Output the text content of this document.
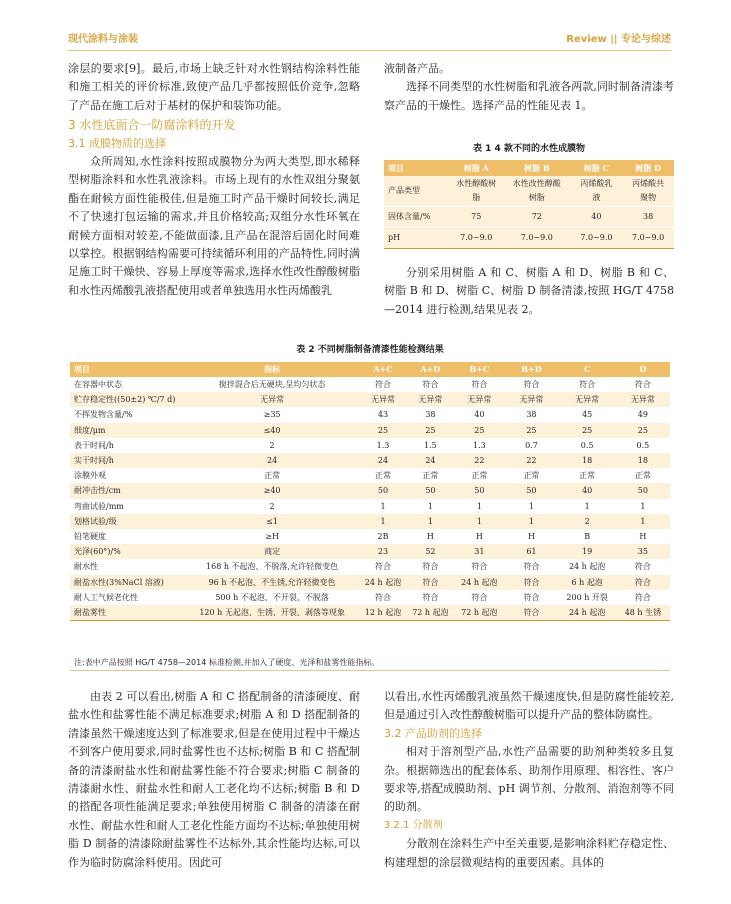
现代涂料与涂装	Review || 专论与综述

涂层的要求[9]。最后,市场上缺乏针对水性钢结构涂料性能和施工相关的评价标准,致使产品几乎都按照低价竞争,忽略了产品在施工后对于基材的保护和装饰功能。

3 水性底面合一防腐涂料的开发

3.1 成膜物质的选择

众所周知,水性涂料按照成膜物分为两大类型,即水稀释型树脂涂料和水性乳液涂料。市场上现有的水性双组分聚氨酯在耐候方面性能极佳,但是施工时产品干燥时间较长,满足不了快速打包运输的需求,并且价格较高;双组分水性环氧在耐候方面相对较差,不能做面漆,且产品在混溶后固化时间难以掌控。根据钢结构需要可持续循环利用的产品特性,同时满足施工时干燥快、容易上厚度等需求,选择水性改性醇酸树脂和水性丙烯酸乳液搭配使用或者单独选用水性丙烯酸乳

液制备产品。

选择不同类型的水性树脂和乳液各两款,同时制备清漆考察产品的干燥性。选择产品的性能见表 1。

表 1 4 款不同的水性成膜物
项目	树脂 A	树脂 B	树脂 C	树脂 D
产品类型	水性醇酸树脂	水性改性醇酸树脂	丙烯酸乳液	丙烯酸共聚物
固体含量/%	75	72	40	38
pH	7.0~9.0	7.0~9.0	7.0~9.0	7.0~9.0

分别采用树脂 A 和 C、树脂 A 和 D、树脂 B 和 C、树脂 B 和 D、树脂 C、树脂 D 制备清漆,按照 HG/T 4758—2014 进行检测,结果见表 2。

表 2 不同树脂制备清漆性能检测结果
项目	指标	A+C	A+D	B+C	B+D	C	D
在容器中状态	搅拌混合后无硬块,呈均匀状态	符合	符合	符合	符合	符合	符合
贮存稳定性((50±2) ℃/7 d)	无异常	无异常	无异常	无异常	无异常	无异常	无异常
不挥发物含量/%	≥35	43	38	40	38	45	49
细度/μm	≤40	25	25	25	25	25	25
表干时间/h	2	1.3	1.5	1.3	0.7	0.5	0.5
实干时间/h	24	24	24	22	22	18	18
涂膜外观	正常	正常	正常	正常	正常	正常	正常
耐冲击性/cm	≥40	50	50	50	50	40	50
弯曲试验/mm	2	1	1	1	1	1	1
划格试验/级	≤1	1	1	1	1	2	1
铅笔硬度	≥H	2B	H	H	H	B	H
光泽(60°)/%	商定	23	52	31	61	19	35
耐水性	168 h 不起泡、不脱落,允许轻微变色	符合	符合	符合	符合	24 h 起泡	符合
耐盐水性(3%NaCl 溶液)	96 h 不起泡、不生锈,允许轻微变色	24 h 起泡	符合	24 h 起泡	符合	6 h 起泡	符合
耐人工气候老化性	500 h 不起泡、不开裂、不脱落	符合	符合	符合	符合	200 h 开裂	符合
耐盐雾性	120 h 无起泡、生锈、开裂、剥落等现象	12 h 起泡	72 h 起泡	72 h 起泡	符合	24 h 起泡	48 h 生锈
注:表中产品按照 HG/T 4758—2014 标准检测,并加入了硬度、光泽和盐雾性能指标。

由表 2 可以看出,树脂 A 和 C 搭配制备的清漆硬度、耐盐水性和盐雾性能不满足标准要求;树脂 A 和 D 搭配制备的清漆虽然干燥速度达到了标准要求,但是在使用过程中干燥达不到客户使用要求,同时盐雾性也不达标;树脂 B 和 C 搭配制备的清漆耐盐水性和耐盐雾性能不符合要求;树脂 C 制备的清漆耐水性、耐盐水性和耐人工老化均不达标;树脂 B 和 D 的搭配各项性能满足要求;单独使用树脂 C 制备的清漆在耐水性、耐盐水性和耐人工老化性能方面均不达标;单独使用树脂 D 制备的清漆除耐盐雾性不达标外,其余性能均达标,可以作为临时防腐涂料使用。因此可

以看出,水性丙烯酸乳液虽然干燥速度快,但是防腐性能较差,但是通过引入改性醇酸树脂可以提升产品的整体防腐性。

3.2 产品助剂的选择

相对于溶剂型产品,水性产品需要的助剂种类较多且复杂。根据筛选出的配套体系、助剂作用原理、相容性、客户要求等,搭配成膜助剂、pH 调节剂、分散剂、消泡剂等不同的助剂。

3.2.1 分散剂

分散剂在涂料生产中至关重要,是影响涂料贮存稳定性、构建理想的涂层微观结构的重要因素。具体的
